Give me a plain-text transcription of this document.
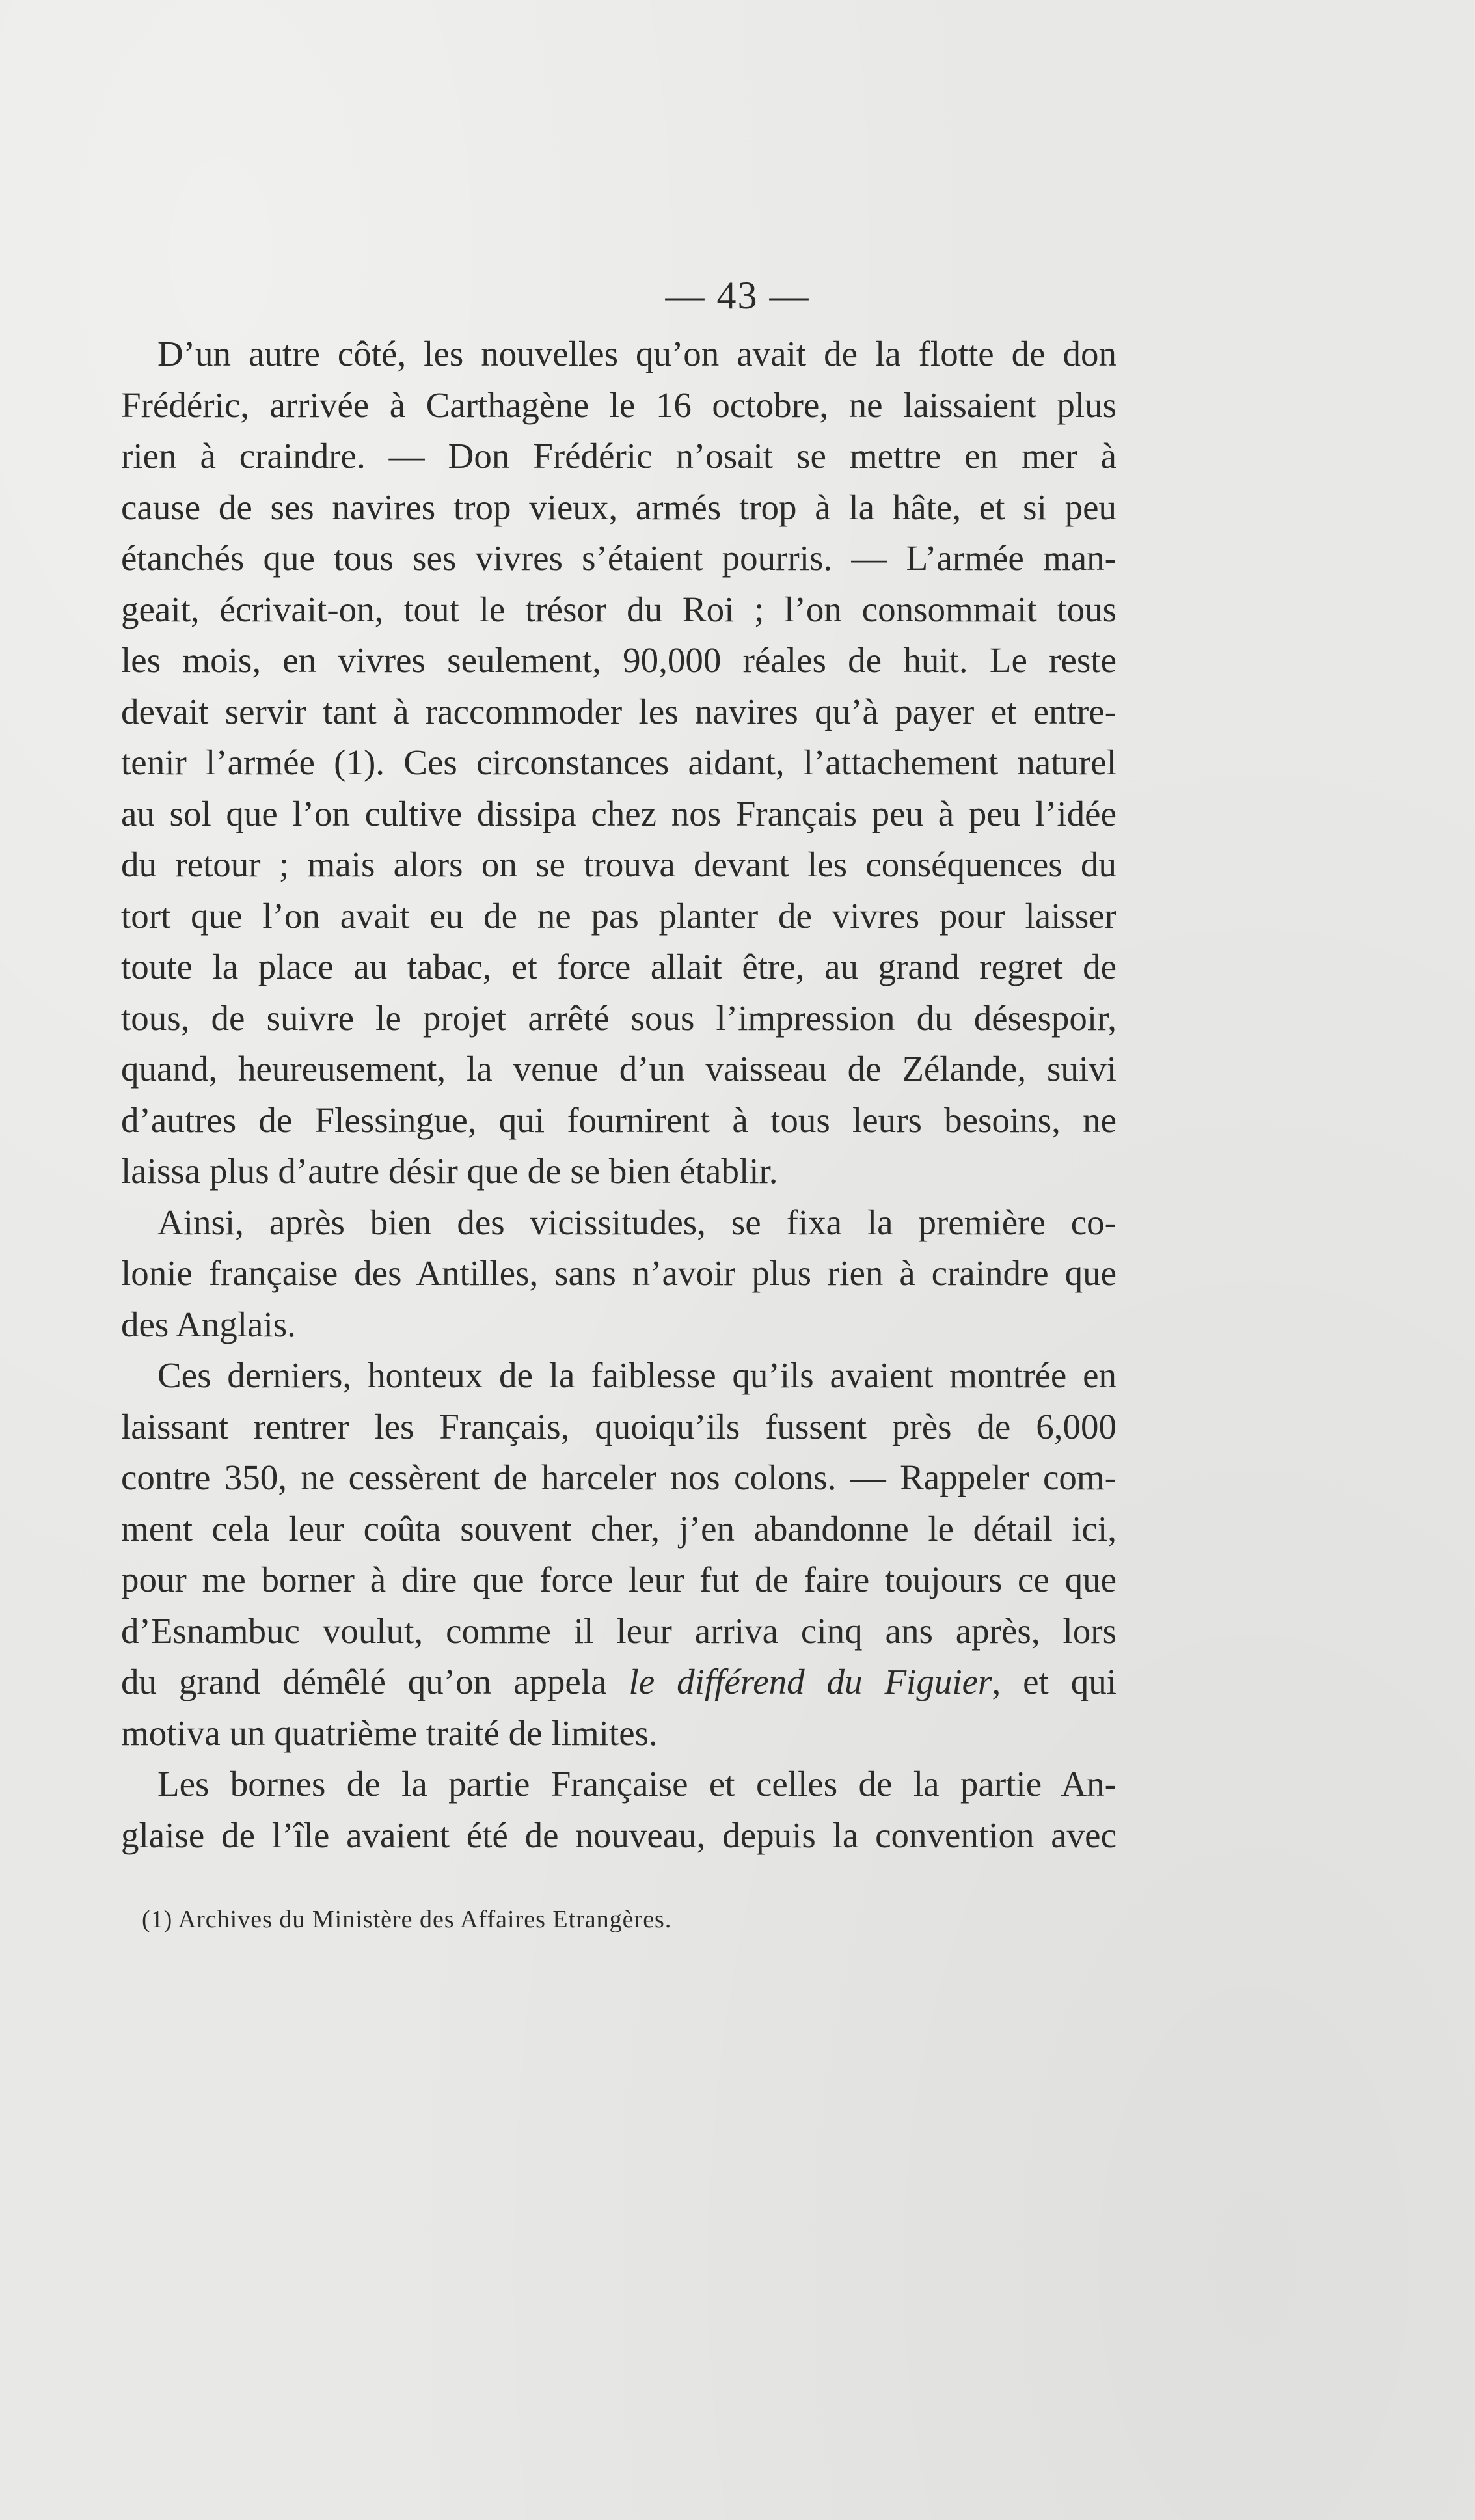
— 43 —
D’un autre côté, les nouvelles qu’on avait de la flotte de don
Frédéric, arrivée à Carthagène le 16 octobre, ne laissaient plus
rien à craindre. — Don Frédéric n’osait se mettre en mer à
cause de ses navires trop vieux, armés trop à la hâte, et si peu
étanchés que tous ses vivres s’étaient pourris. — L’armée man-
geait, écrivait-on, tout le trésor du Roi ; l’on consommait tous
les mois, en vivres seulement, 90,000 réales de huit. Le reste
devait servir tant à raccommoder les navires qu’à payer et entre-
tenir l’armée (1). Ces circonstances aidant, l’attachement naturel
au sol que l’on cultive dissipa chez nos Français peu à peu l’idée
du retour ; mais alors on se trouva devant les conséquences du
tort que l’on avait eu de ne pas planter de vivres pour laisser
toute la place au tabac, et force allait être, au grand regret de
tous, de suivre le projet arrêté sous l’impression du désespoir,
quand, heureusement, la venue d’un vaisseau de Zélande, suivi
d’autres de Flessingue, qui fournirent à tous leurs besoins, ne
laissa plus d’autre désir que de se bien établir.
Ainsi, après bien des vicissitudes, se fixa la première co-
lonie française des Antilles, sans n’avoir plus rien à craindre que
des Anglais.
Ces derniers, honteux de la faiblesse qu’ils avaient montrée en
laissant rentrer les Français, quoiqu’ils fussent près de 6,000
contre 350, ne cessèrent de harceler nos colons. — Rappeler com-
ment cela leur coûta souvent cher, j’en abandonne le détail ici,
pour me borner à dire que force leur fut de faire toujours ce que
d’Esnambuc voulut, comme il leur arriva cinq ans après, lors
du grand démêlé qu’on appela le différend du Figuier, et qui
motiva un quatrième traité de limites.
Les bornes de la partie Française et celles de la partie An-
glaise de l’île avaient été de nouveau, depuis la convention avec
(1) Archives du Ministère des Affaires Etrangères.
